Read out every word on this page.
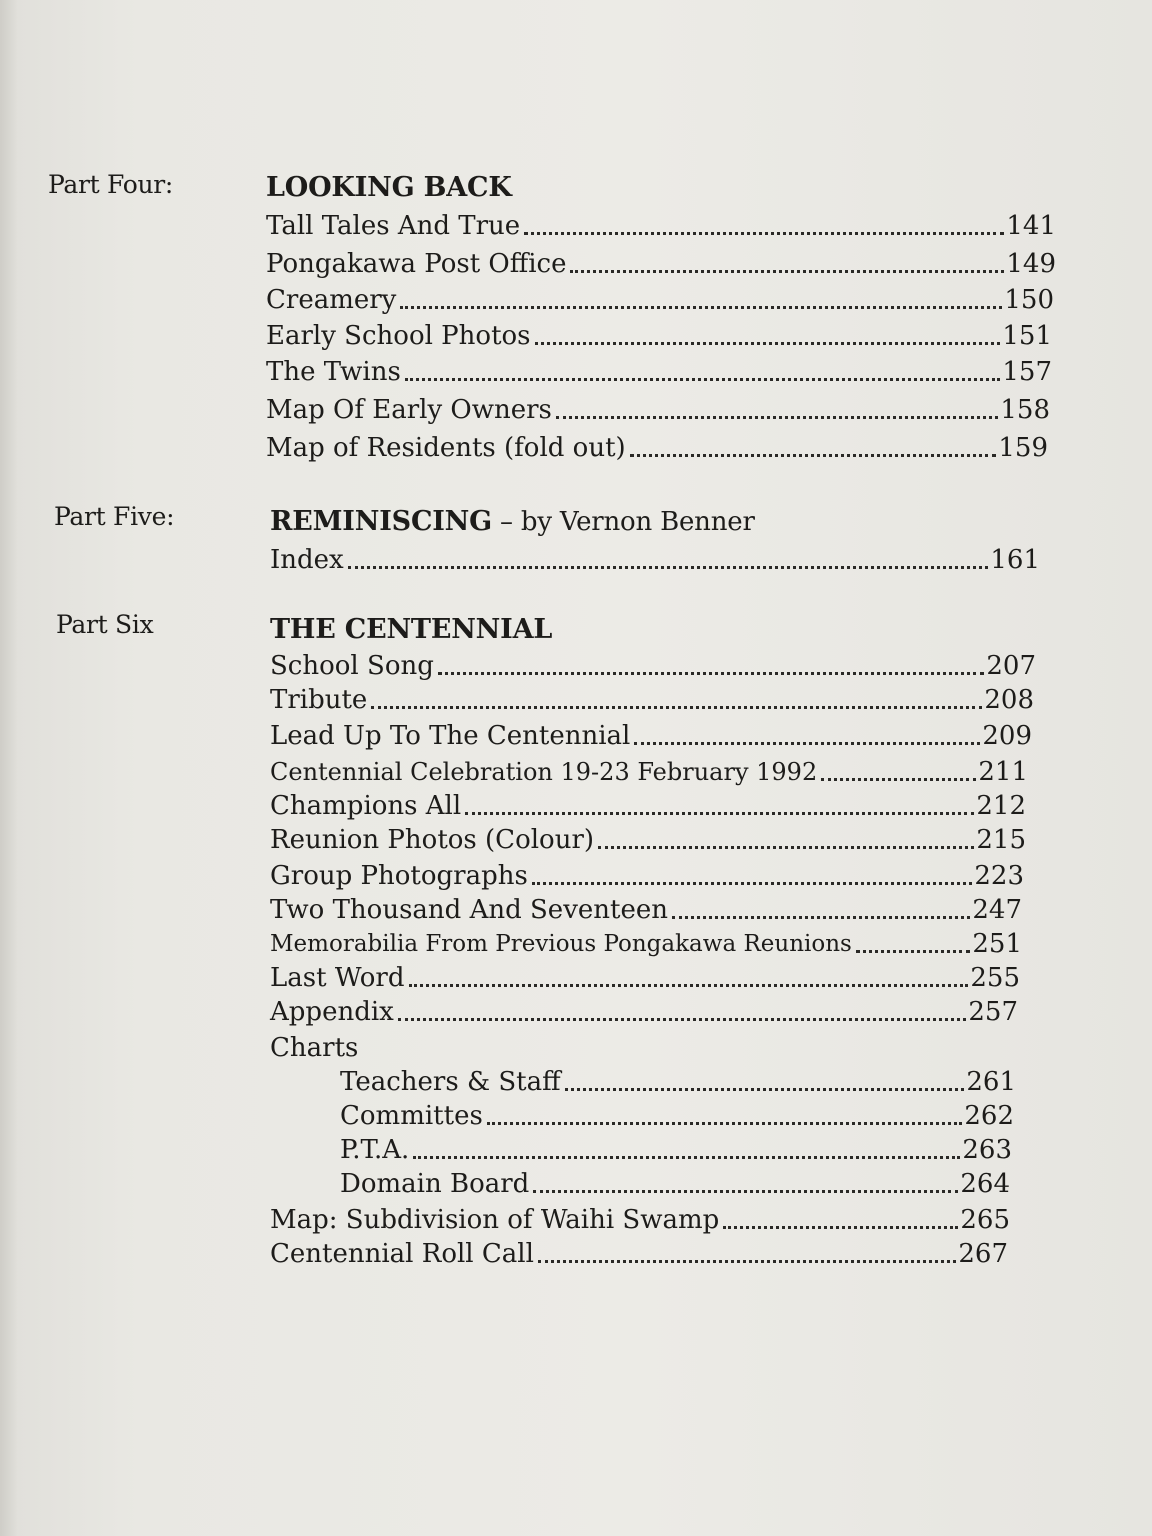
Part Four:	LOOKING BACK
Tall Tales And True	141
Pongakawa Post Office	149
Creamery	150
Early School Photos	151
The Twins	157
Map Of Early Owners	158
Map of Residents (fold out)	159
Part Five:	REMINISCING – by Vernon Benner
Index	161
Part Six	THE CENTENNIAL
School Song	207
Tribute	208
Lead Up To The Centennial	209
Centennial Celebration 19-23 February 1992	211
Champions All	212
Reunion Photos (Colour)	215
Group Photographs	223
Two Thousand And Seventeen	247
Memorabilia From Previous Pongakawa Reunions	251
Last Word	255
Appendix	257
Charts
Teachers & Staff	261
Committes	262
P.T.A.	263
Domain Board	264
Map: Subdivision of Waihi Swamp	265
Centennial Roll Call	267
